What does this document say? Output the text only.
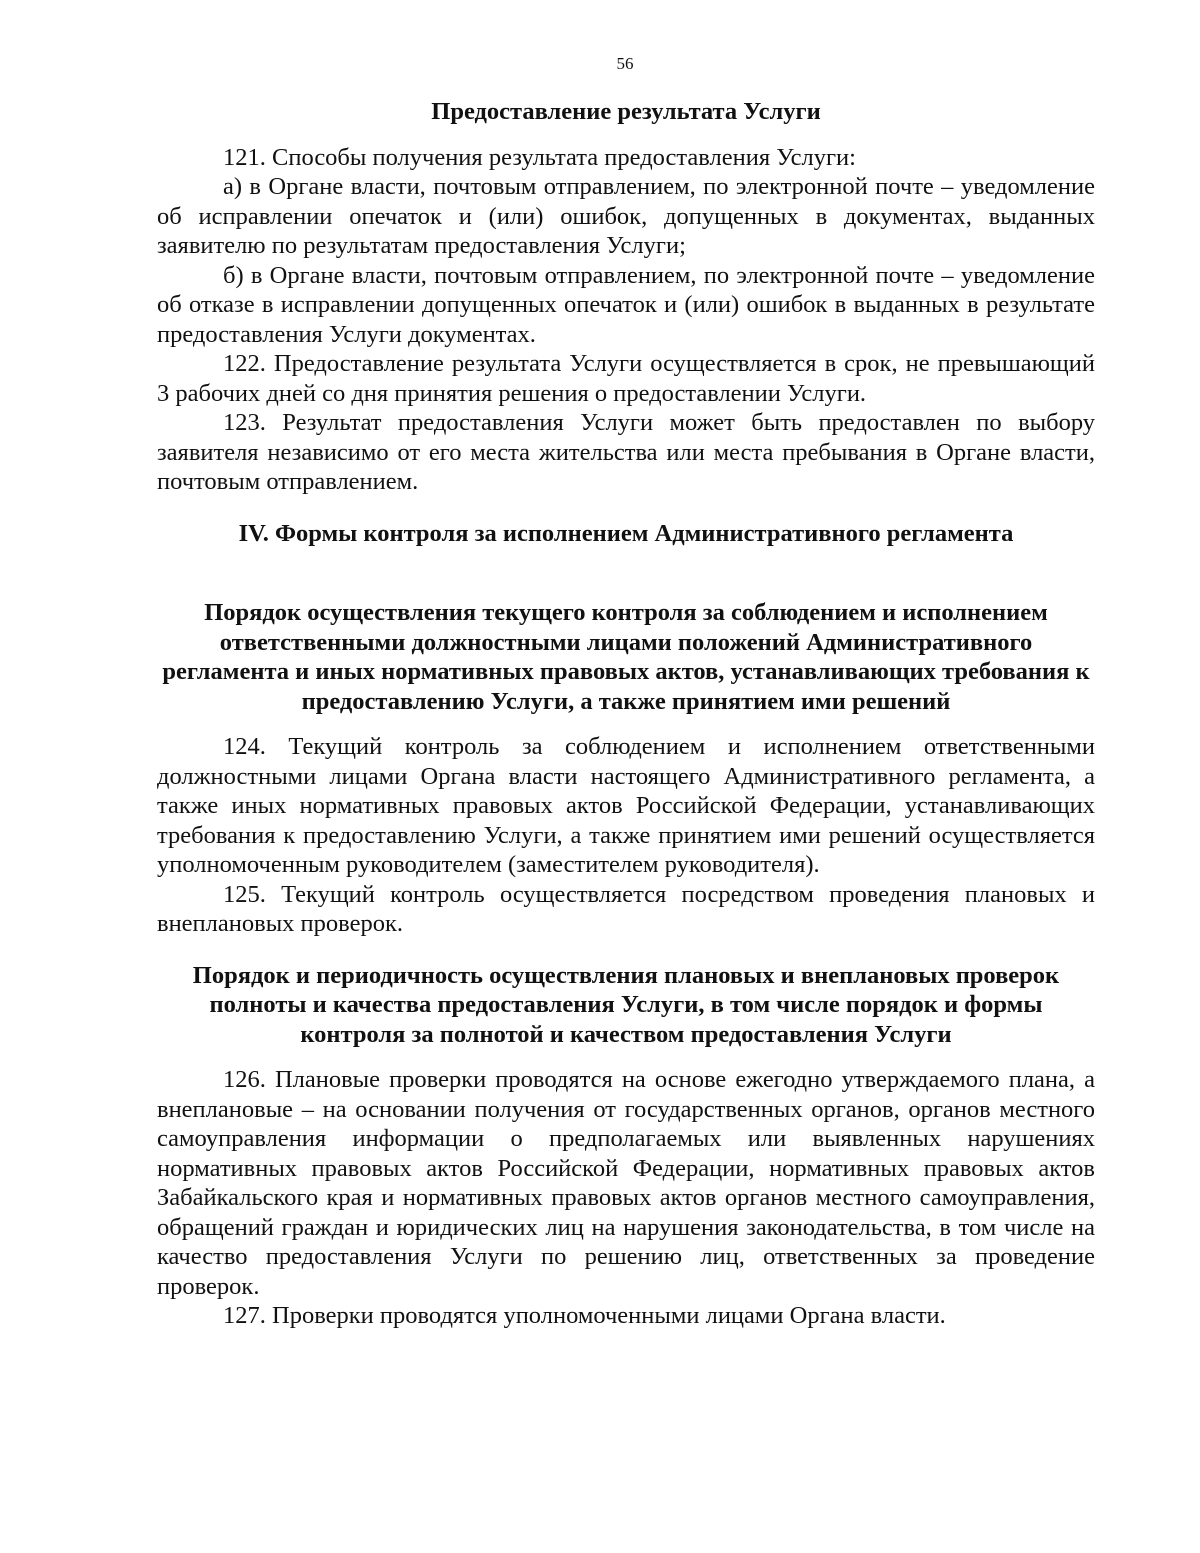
56

Предоставление результата Услуги

121. Способы получения результата предоставления Услуги:

а) в Органе власти, почтовым отправлением, по электронной почте – уведомление об исправлении опечаток и (или) ошибок, допущенных в документах, выданных заявителю по результатам предоставления Услуги;

б) в Органе власти, почтовым отправлением, по электронной почте – уведомление об отказе в исправлении допущенных опечаток и (или) ошибок в выданных в результате предоставления Услуги документах.

122. Предоставление результата Услуги осуществляется в срок, не превышающий 3 рабочих дней со дня принятия решения о предоставлении Услуги.

123. Результат предоставления Услуги может быть предоставлен по выбору заявителя независимо от его места жительства или места пребывания в Органе власти, почтовым отправлением.

IV. Формы контроля за исполнением Административного регламента

Порядок осуществления текущего контроля за соблюдением и исполнением ответственными должностными лицами положений Административного регламента и иных нормативных правовых актов, устанавливающих требования к предоставлению Услуги, а также принятием ими решений

124. Текущий контроль за соблюдением и исполнением ответственными должностными лицами Органа власти настоящего Административного регламента, а также иных нормативных правовых актов Российской Федерации, устанавливающих требования к предоставлению Услуги, а также принятием ими решений осуществляется уполномоченным руководителем (заместителем руководителя).

125. Текущий контроль осуществляется посредством проведения плановых и внеплановых проверок.

Порядок и периодичность осуществления плановых и внеплановых проверок полноты и качества предоставления Услуги, в том числе порядок и формы контроля за полнотой и качеством предоставления Услуги

126. Плановые проверки проводятся на основе ежегодно утверждаемого плана, а внеплановые – на основании получения от государственных органов, органов местного самоуправления информации о предполагаемых или выявленных нарушениях нормативных правовых актов Российской Федерации, нормативных правовых актов Забайкальского края и нормативных правовых актов органов местного самоуправления, обращений граждан и юридических лиц на нарушения законодательства, в том числе на качество предоставления Услуги по решению лиц, ответственных за проведение проверок.

127. Проверки проводятся уполномоченными лицами Органа власти.
